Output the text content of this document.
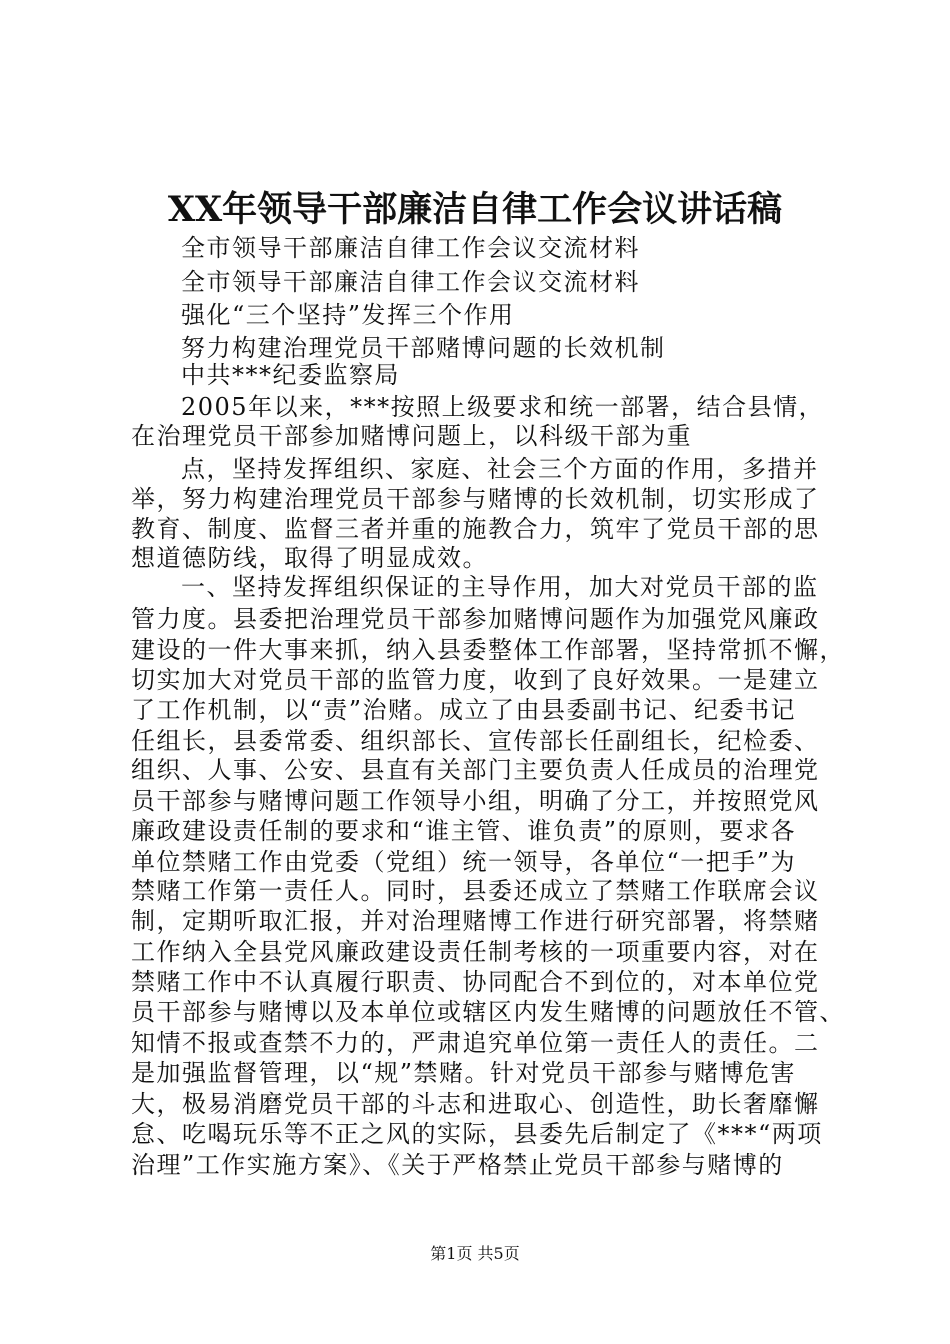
XX年领导干部廉洁自律工作会议讲话稿
全市领导干部廉洁自律工作会议交流材料
全市领导干部廉洁自律工作会议交流材料
强化“三个坚持”发挥三个作用
努力构建治理党员干部赌博问题的长效机制
中共***纪委监察局
2005年以来，***按照上级要求和统一部署，结合县情，
在治理党员干部参加赌博问题上，以科级干部为重
点，坚持发挥组织、家庭、社会三个方面的作用，多措并
举，努力构建治理党员干部参与赌博的长效机制，切实形成了
教育、制度、监督三者并重的施教合力，筑牢了党员干部的思
想道德防线，取得了明显成效。
一、坚持发挥组织保证的主导作用，加大对党员干部的监
管力度。县委把治理党员干部参加赌博问题作为加强党风廉政
建设的一件大事来抓，纳入县委整体工作部署，坚持常抓不懈，
切实加大对党员干部的监管力度，收到了良好效果。一是建立
了工作机制，以“责”治赌。成立了由县委副书记、纪委书记
任组长，县委常委、组织部长、宣传部长任副组长，纪检委、
组织、人事、公安、县直有关部门主要负责人任成员的治理党
员干部参与赌博问题工作领导小组，明确了分工，并按照党风
廉政建设责任制的要求和“谁主管、谁负责”的原则，要求各
单位禁赌工作由党委（党组）统一领导，各单位“一把手”为
禁赌工作第一责任人。同时，县委还成立了禁赌工作联席会议
制，定期听取汇报，并对治理赌博工作进行研究部署，将禁赌
工作纳入全县党风廉政建设责任制考核的一项重要内容，对在
禁赌工作中不认真履行职责、协同配合不到位的，对本单位党
员干部参与赌博以及本单位或辖区内发生赌博的问题放任不管、
知情不报或查禁不力的，严肃追究单位第一责任人的责任。二
是加强监督管理，以“规”禁赌。针对党员干部参与赌博危害
大，极易消磨党员干部的斗志和进取心、创造性，助长奢靡懈
怠、吃喝玩乐等不正之风的实际，县委先后制定了《***“两项
治理”工作实施方案》、《关于严格禁止党员干部参与赌博的
第1页 共5页
